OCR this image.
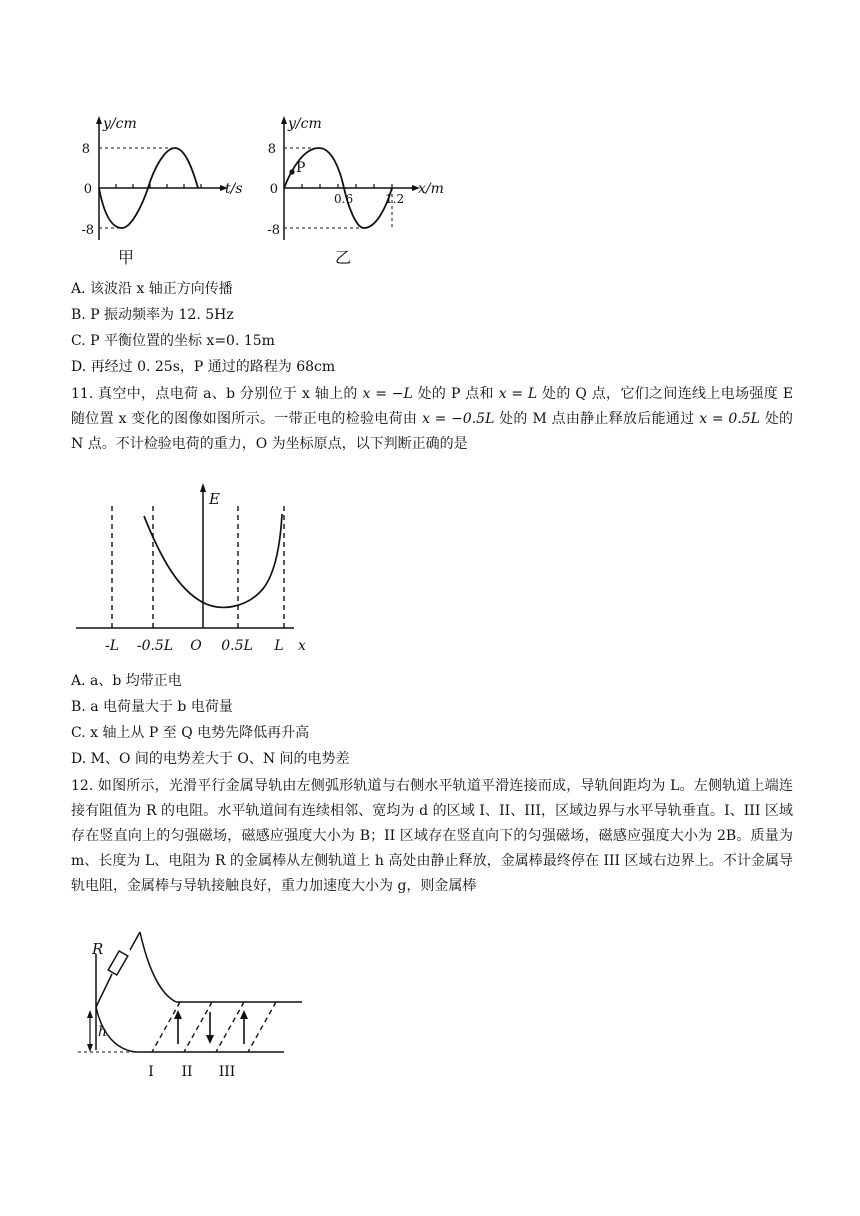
y/cm
8
0
-8
t/s
甲
P
y/cm
8
0
-8
0.6	1.2
x/m
乙
A. 该波沿 x 轴正方向传播
B. P 振动频率为 12. 5Hz
C. P 平衡位置的坐标 x=0. 15m
D. 再经过 0. 25s，P 通过的路程为 68cm
11. 真空中，点电荷 a、b 分别位于 x 轴上的 x = −L 处的 P 点和 x = L 处的 Q 点，它们之间连线上电场强度 E 随位置 x 变化的图像如图所示。一带正电的检验电荷由 x = −0.5L 处的 M 点由静止释放后能通过 x = 0.5L 处的 N 点。不计检验电荷的重力，O 为坐标原点，以下判断正确的是
E
-L -0.5L O 0.5L L x
A. a、b 均带正电
B. a 电荷量大于 b 电荷量
C. x 轴上从 P 至 Q 电势先降低再升高
D. M、O 间的电势差大于 O、N 间的电势差
12. 如图所示，光滑平行金属导轨由左侧弧形轨道与右侧水平轨道平滑连接而成，导轨间距均为 L。左侧轨道上端连接有阻值为 R 的电阻。水平轨道间有连续相邻、宽均为 d 的区域 I、II、III，区域边界与水平导轨垂直。I、III 区域存在竖直向上的匀强磁场，磁感应强度大小为 B；II 区域存在竖直向下的匀强磁场，磁感应强度大小为 2B。质量为 m、长度为 L、电阻为 R 的金属棒从左侧轨道上 h 高处由静止释放，金属棒最终停在 III 区域右边界上。不计金属导轨电阻，金属棒与导轨接触良好，重力加速度大小为 g，则金属棒
R
h
I II III
